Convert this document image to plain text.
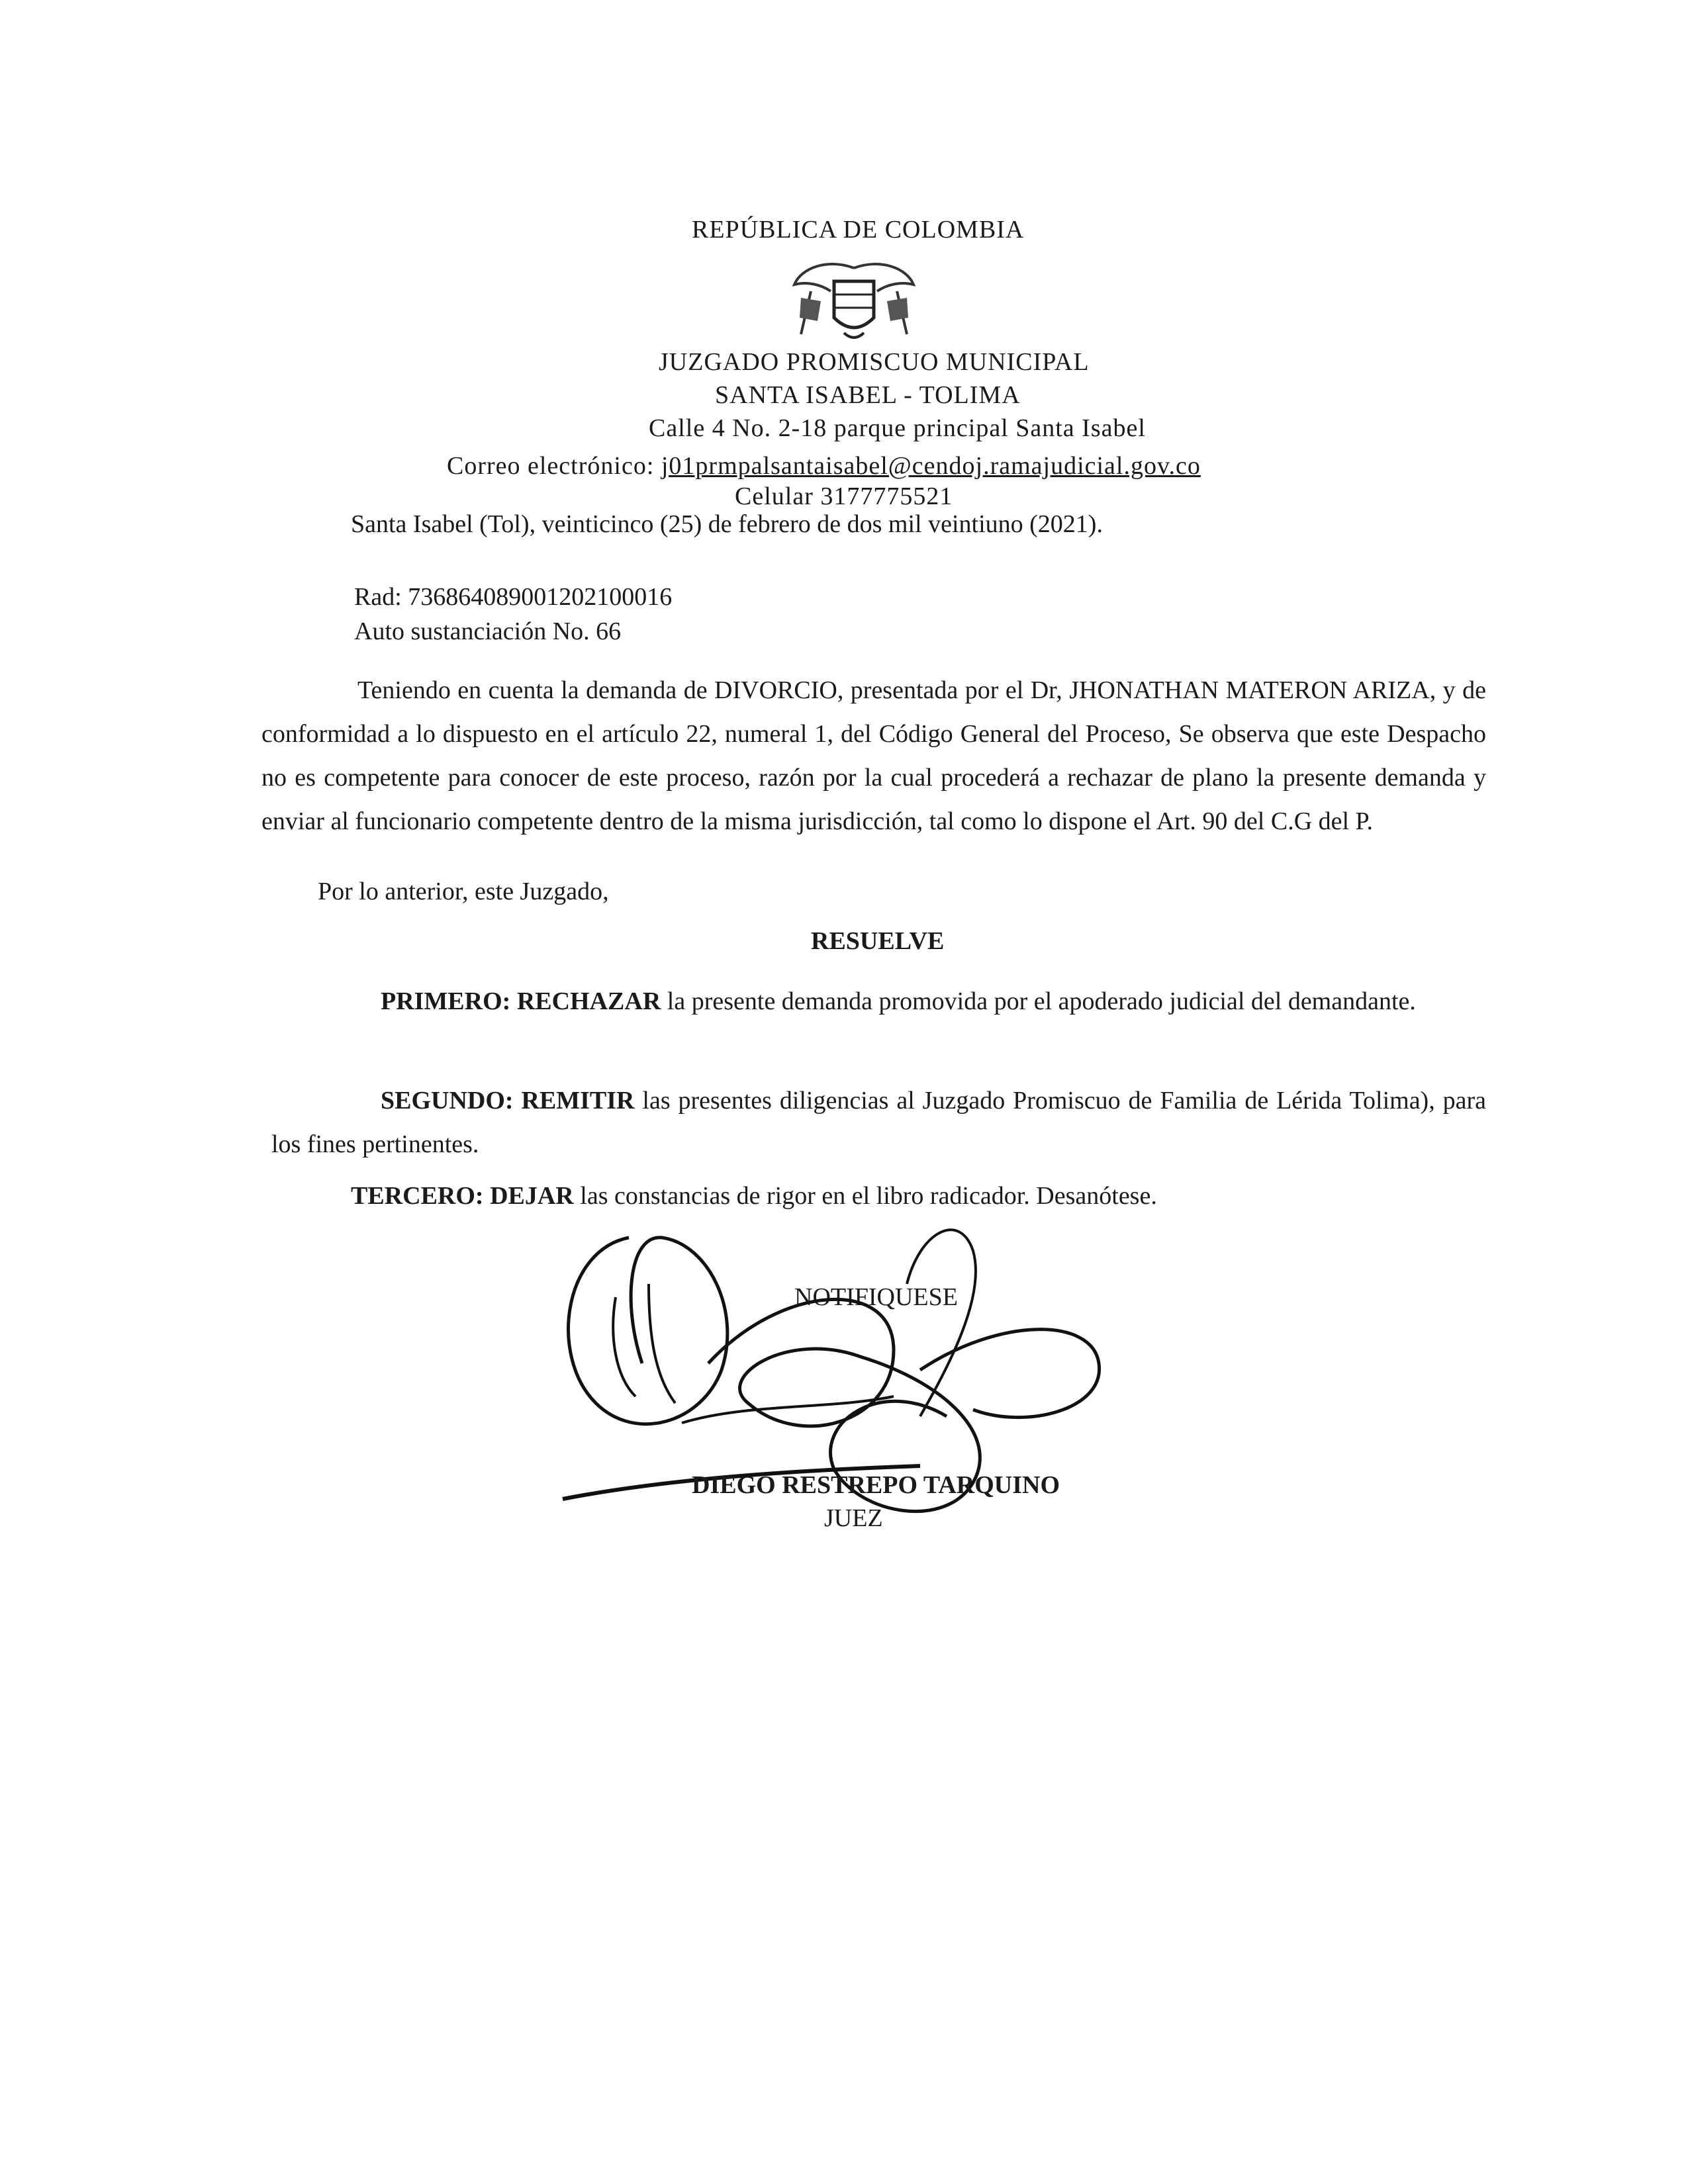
REPÚBLICA DE COLOMBIA
JUZGADO PROMISCUO MUNICIPAL
SANTA ISABEL - TOLIMA
Calle 4 No. 2-18 parque principal Santa Isabel
Correo electrónico: j01prmpalsantaisabel@cendoj.ramajudicial.gov.co
Celular 3177775521
Santa Isabel (Tol), veinticinco (25) de febrero de dos mil veintiuno (2021).
Rad: 73686408900120210001​6
Auto sustanciación No. 66
Teniendo en cuenta la demanda de DIVORCIO, presentada por el Dr, JHONATHAN MATERON ARIZA, y de conformidad a lo dispuesto en el artículo 22, numeral 1, del Código General del Proceso, Se observa que este Despacho no es competente para conocer de este proceso, razón por la cual procederá a rechazar de plano la presente demanda y enviar al funcionario competente dentro de la misma jurisdicción, tal como lo dispone el Art. 90 del C.G del P.
Por lo anterior, este Juzgado,
RESUELVE
PRIMERO: RECHAZAR la presente demanda promovida por el apoderado judicial del demandante.
SEGUNDO: REMITIR las presentes diligencias al Juzgado Promiscuo de Familia de Lérida Tolima), para los fines pertinentes.
TERCERO: DEJAR las constancias de rigor en el libro radicador. Desanótese.
NOTIFIQUESE
DIEGO RESTREPO TARQUINO
JUEZ
